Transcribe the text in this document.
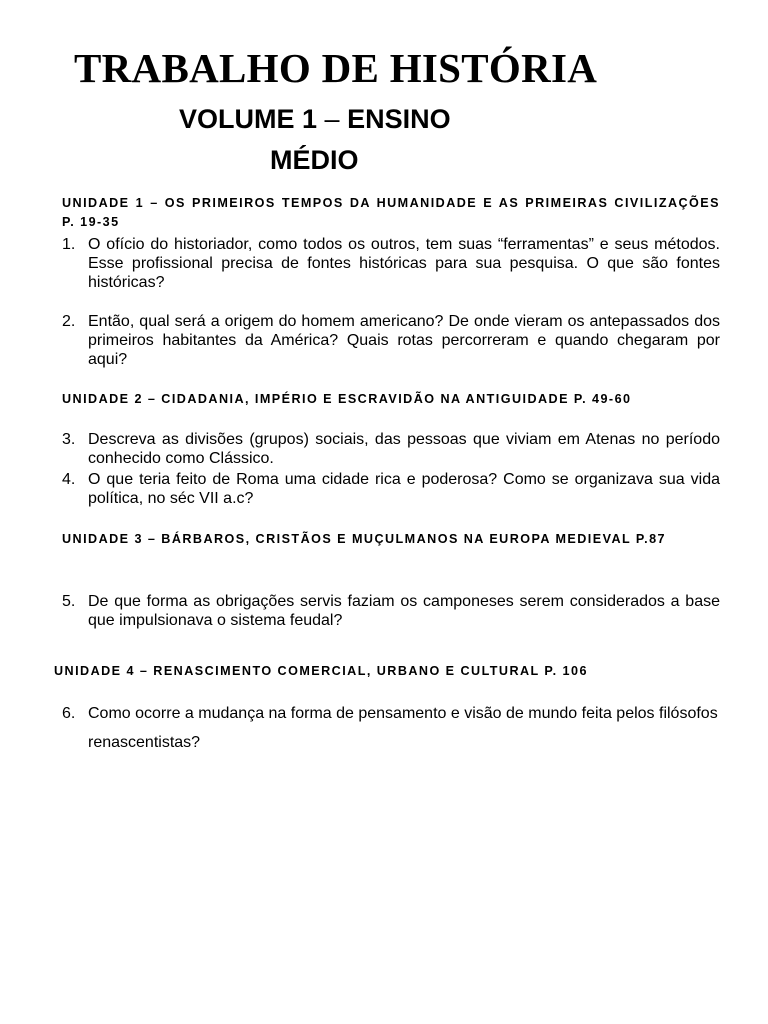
TRABALHO DE HISTÓRIA
VOLUME 1 – ENSINO
MÉDIO
UNIDADE 1 – OS PRIMEIROS TEMPOS DA HUMANIDADE E AS PRIMEIRAS CIVILIZAÇÕES P. 19-35
1. O ofício do historiador, como todos os outros, tem suas “ferramentas” e seus métodos. Esse profissional precisa de fontes históricas para sua pesquisa. O que são fontes históricas?
2. Então, qual será a origem do homem americano? De onde vieram os antepassados dos primeiros habitantes da América? Quais rotas percorreram e quando chegaram por aqui?
UNIDADE 2 – CIDADANIA, IMPÉRIO E ESCRAVIDÃO NA ANTIGUIDADE P. 49-60
3. Descreva as divisões (grupos) sociais, das pessoas que viviam em Atenas no período conhecido como Clássico.
4. O que teria feito de Roma uma cidade rica e poderosa? Como se organizava sua vida política, no séc VII a.c?
UNIDADE 3 – BÁRBAROS, CRISTÃOS E MUÇULMANOS NA EUROPA MEDIEVAL P.87
5. De que forma as obrigações servis faziam os camponeses serem considerados a base que impulsionava o sistema feudal?
UNIDADE 4 – RENASCIMENTO COMERCIAL, URBANO E CULTURAL P. 106
6. Como ocorre a mudança na forma de pensamento e visão de mundo feita pelos filósofos renascentistas?
